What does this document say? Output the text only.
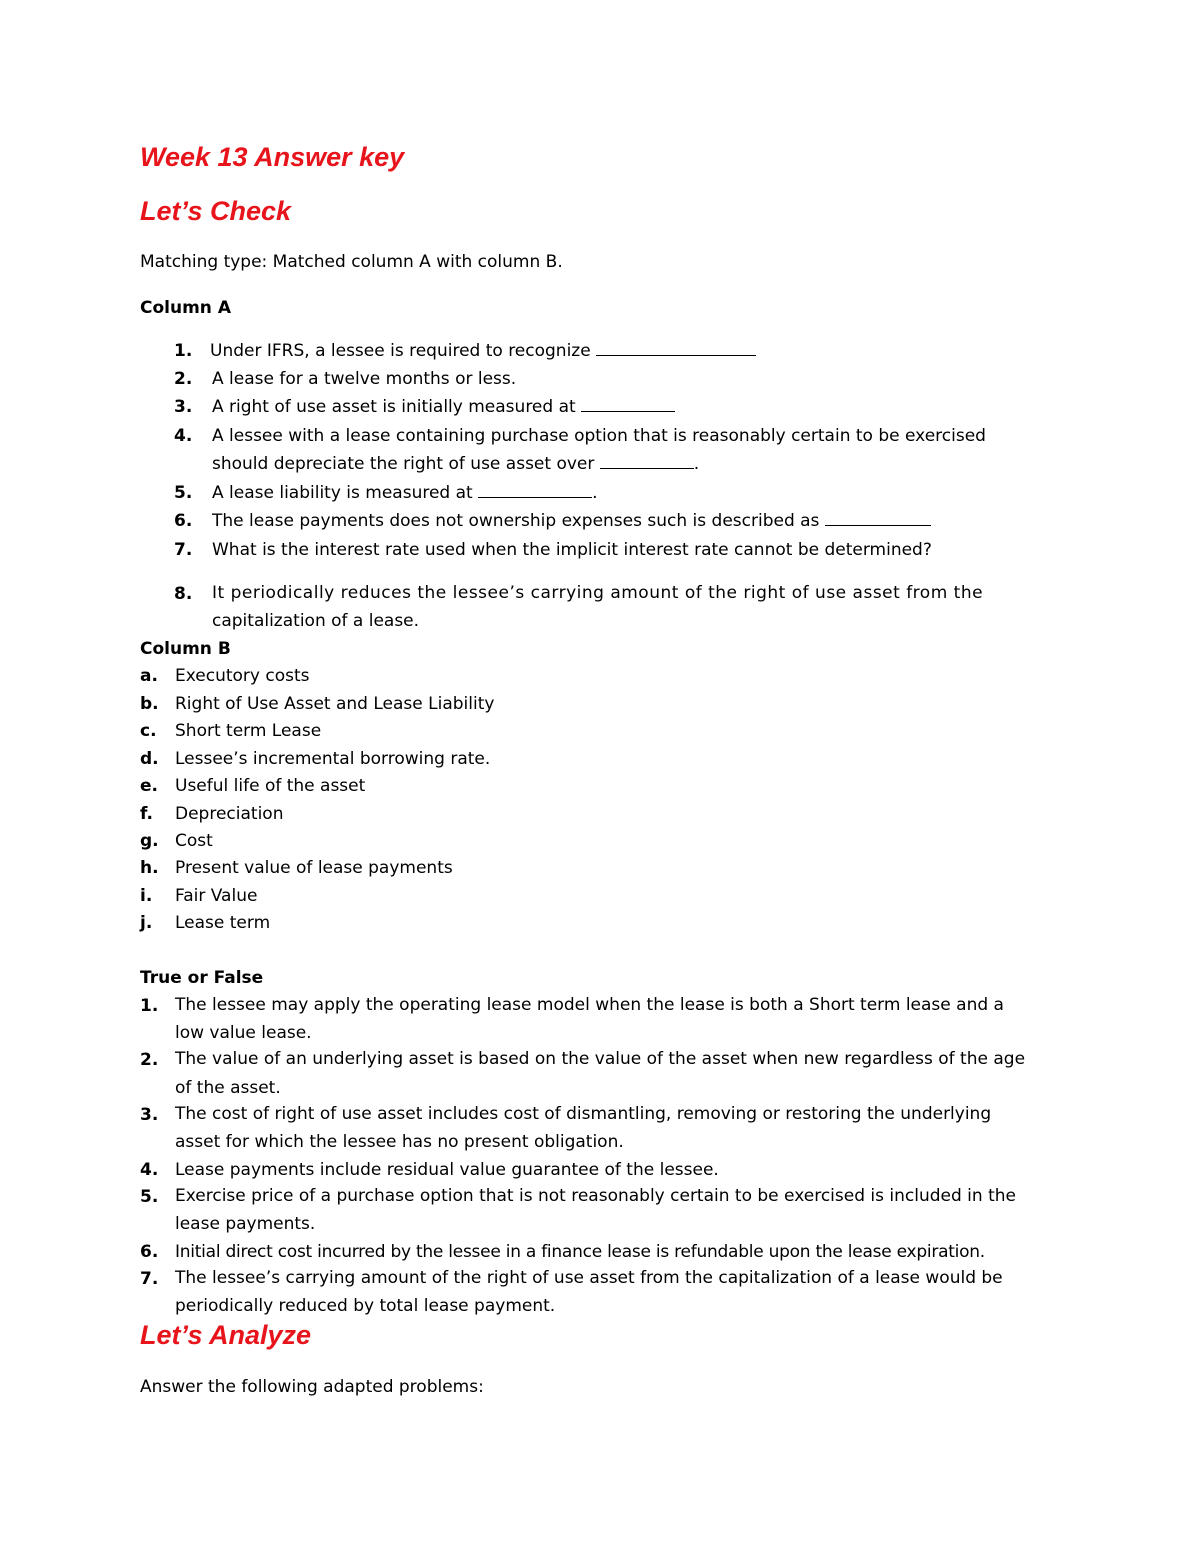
Week 13 Answer key
Let’s Check

Matching type: Matched column A with column B.

Column A

1. Under IFRS, a lessee is required to recognize

2. A lease for a twelve months or less.

3. A right of use asset is initially measured at

4. A lessee with a lease containing purchase option that is reasonably certain to be exercised

should depreciate the right of use asset over	.

5. A lease liability is measured at	.

6. The lease payments does not ownership expenses such is described as

7. What is the interest rate used when the implicit interest rate cannot be determined?

8. It periodically reduces the lessee’s carrying amount of the right of use asset from the

capitalization of a lease.

Column B

a. Executory costs

b. Right of Use Asset and Lease Liability

c. Short term Lease

d. Lessee’s incremental borrowing rate.

e. Useful life of the asset

f. Depreciation

g. Cost

h. Present value of lease payments

i. Fair Value

j. Lease term

True or False

1. The lessee may apply the operating lease model when the lease is both a Short term lease and a

low value lease.

2. The value of an underlying asset is based on the value of the asset when new regardless of the age

of the asset.

3. The cost of right of use asset includes cost of dismantling, removing or restoring the underlying

asset for which the lessee has no present obligation.

4. Lease payments include residual value guarantee of the lessee.

5. Exercise price of a purchase option that is not reasonably certain to be exercised is included in the

lease payments.

6. Initial direct cost incurred by the lessee in a finance lease is refundable upon the lease expiration.

7. The lessee’s carrying amount of the right of use asset from the capitalization of a lease would be

periodically reduced by total lease payment.

Let’s Analyze

Answer the following adapted problems:
